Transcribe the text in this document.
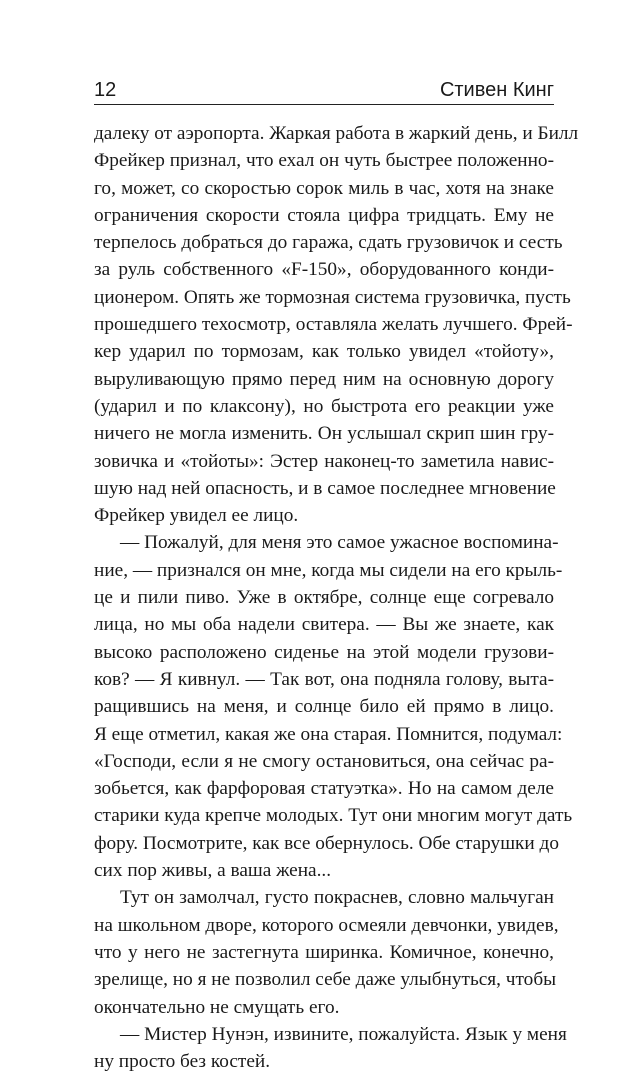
12	Стивен Кинг
далеку от аэропорта. Жаркая работа в жаркий день, и Билл
Фрейкер признал, что ехал он чуть быстрее положенно-
го, может, со скоростью сорок миль в час, хотя на знаке
ограничения скорости стояла цифра тридцать. Ему не
терпелось добраться до гаража, сдать грузовичок и сесть
за руль собственного «F-150», оборудованного конди-
ционером. Опять же тормозная система грузовичка, пусть
прошедшего техосмотр, оставляла желать лучшего. Фрей-
кер ударил по тормозам, как только увидел «тойоту»,
выруливающую прямо перед ним на основную дорогу
(ударил и по клаксону), но быстрота его реакции уже
ничего не могла изменить. Он услышал скрип шин гру-
зовичка и «тойоты»: Эстер наконец-то заметила навис-
шую над ней опасность, и в самое последнее мгновение
Фрейкер увидел ее лицо.
— Пожалуй, для меня это самое ужасное воспомина-
ние, — признался он мне, когда мы сидели на его крыль-
це и пили пиво. Уже в октябре, солнце еще согревало
лица, но мы оба надели свитера. — Вы же знаете, как
высоко расположено сиденье на этой модели грузови-
ков? — Я кивнул. — Так вот, она подняла голову, выта-
ращившись на меня, и солнце било ей прямо в лицо.
Я еще отметил, какая же она старая. Помнится, подумал:
«Господи, если я не смогу остановиться, она сейчас ра-
зобьется, как фарфоровая статуэтка». Но на самом деле
старики куда крепче молодых. Тут они многим могут дать
фору. Посмотрите, как все обернулось. Обе старушки до
сих пор живы, а ваша жена...
Тут он замолчал, густо покраснев, словно мальчуган
на школьном дворе, которого осмеяли девчонки, увидев,
что у него не застегнута ширинка. Комичное, конечно,
зрелище, но я не позволил себе даже улыбнуться, чтобы
окончательно не смущать его.
— Мистер Нунэн, извините, пожалуйста. Язык у меня
ну просто без костей.
